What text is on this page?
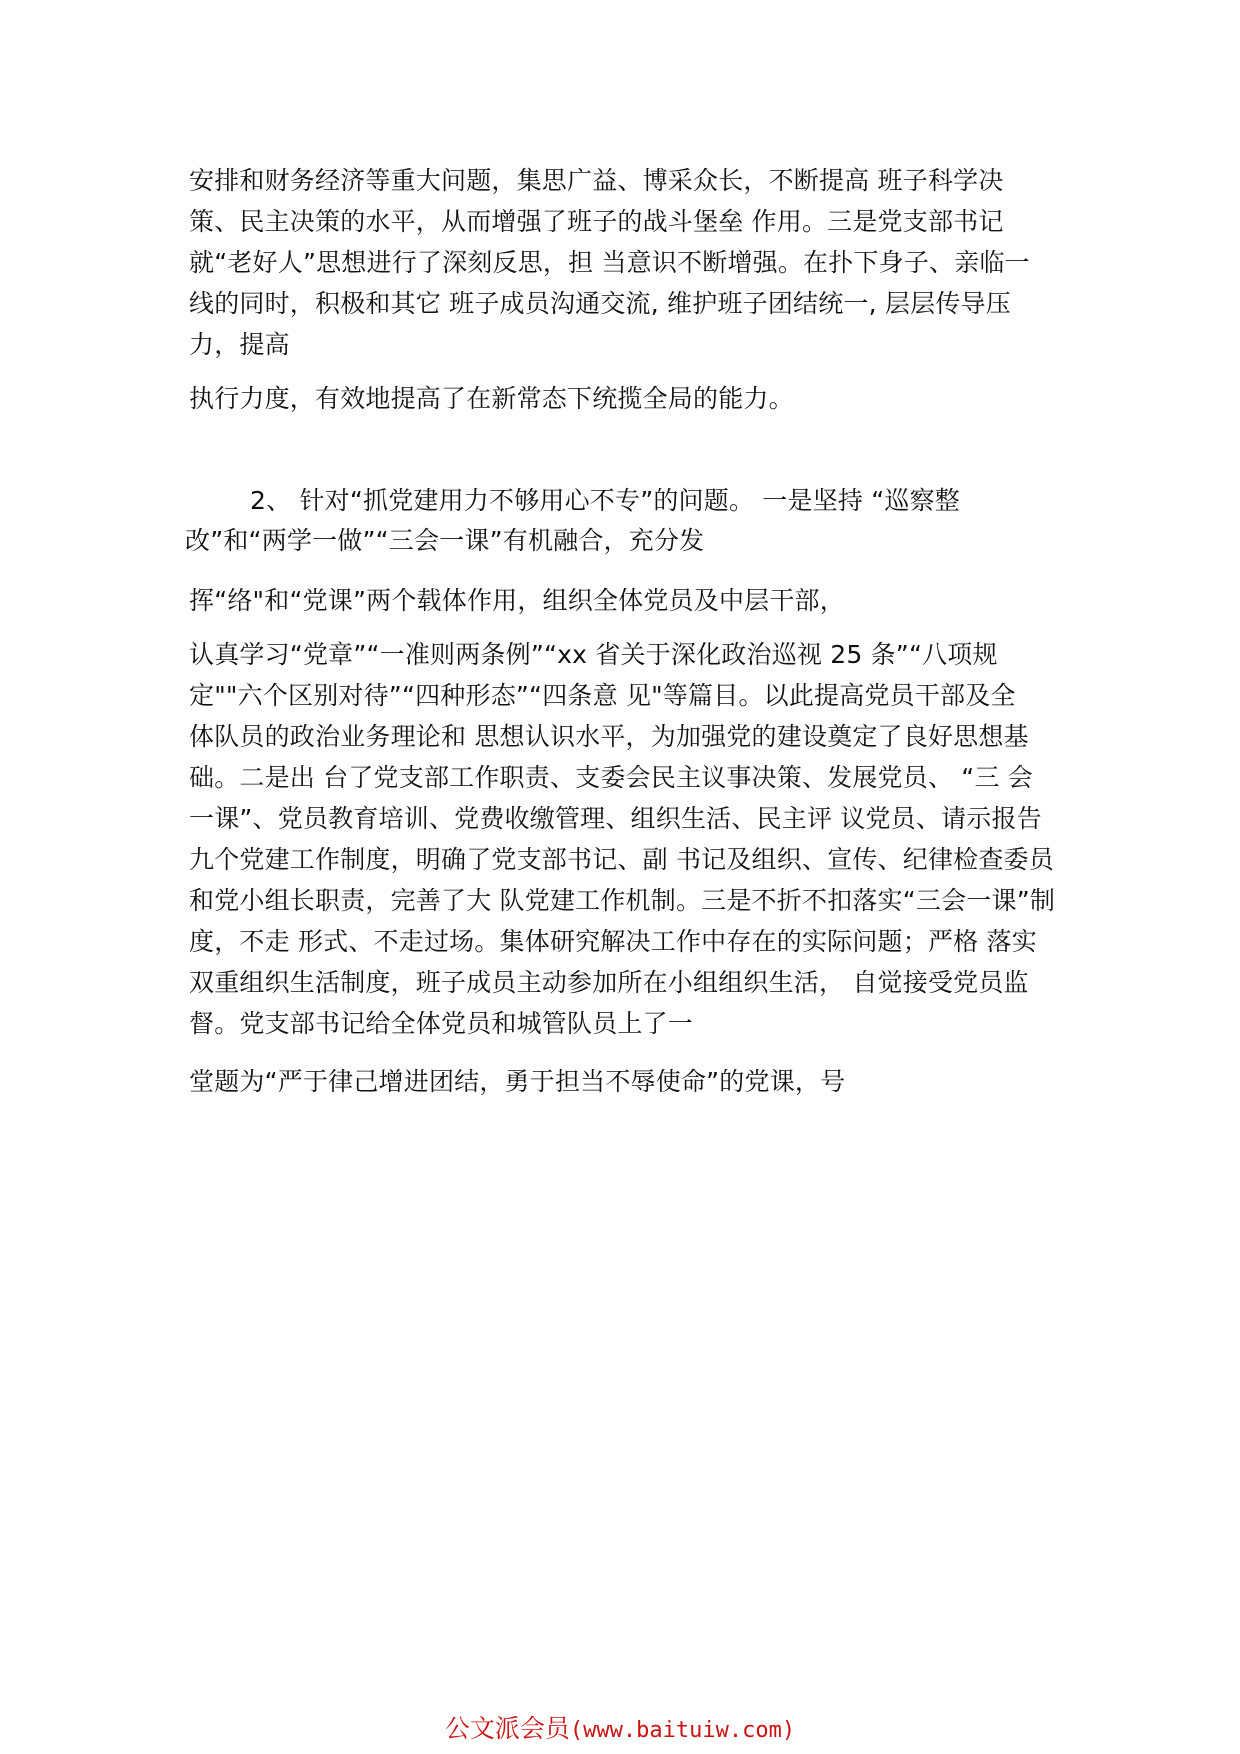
安排和财务经济等重大问题，集思广益、博采众长，不断提高 班子科学决
策、民主决策的水平，从而增强了班子的战斗堡垒 作用。三是党支部书记
就“老好人”思想进行了深刻反思，担 当意识不断增强。在扑下身子、亲临一
线的同时，积极和其它 班子成员沟通交流, 维护班子团结统一, 层层传导压
力，提高
执行力度，有效地提高了在新常态下统揽全局的能力。
2、 针对“抓党建用力不够用心不专”的问题。 一是坚持 “巡察整
改”和“两学一做”“三会一课”有机融合，充分发
挥“络"和“党课”两个载体作用，组织全体党员及中层干部，
认真学习“党章”“一准则两条例”“xx 省关于深化政治巡视 25 条”“八项规
定""六个区别对待”“四种形态”“四条意 见"等篇目。以此提高党员干部及全
体队员的政治业务理论和 思想认识水平，为加强党的建设奠定了良好思想基
础。二是出 台了党支部工作职责、支委会民主议事决策、发展党员、 “三 会
一课”、党员教育培训、党费收缴管理、组织生活、民主评 议党员、请示报告
九个党建工作制度，明确了党支部书记、副 书记及组织、宣传、纪律检查委员
和党小组长职责，完善了大 队党建工作机制。三是不折不扣落实“三会一课”制
度，不走 形式、不走过场。集体研究解决工作中存在的实际问题；严格 落实
双重组织生活制度，班子成员主动参加所在小组组织生活， 自觉接受党员监
督。党支部书记给全体党员和城管队员上了一
堂题为“严于律己增进团结，勇于担当不辱使命”的党课，号
公文派会员(www.baituiw.com)
